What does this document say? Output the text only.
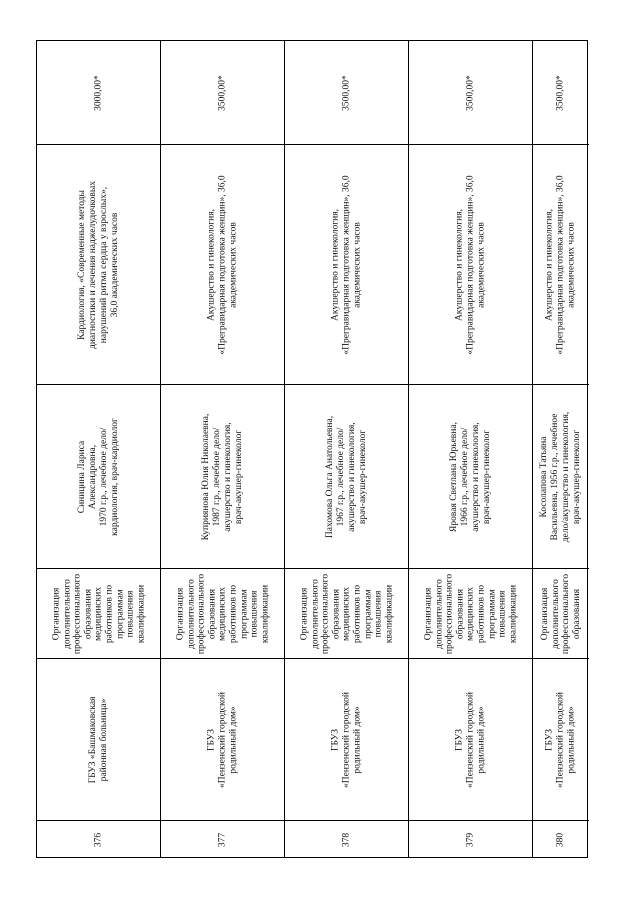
3000,00*
Кардиология, «Современные методы
диагностики и лечения наджелудочковых
нарушений ритма сердца у взрослых»,
36,0 академических часов
Синицина Лариса
Александровна,
1970 г.р., лечебное дело/
кардиология, врач-кардиолог
Организация
дополнительного
профессионального
образования
медицинских
работников по
программам
повышения
квалификации
ГБУЗ «Башмаковская
районная больница»
376
3500,00*
Акушерство и гинекология,
«Прегравидарная подготовка женщин», 36,0
академических часов
Куприянова Юлия Николаевна,
1987 г.р., лечебное дело/
акушерство и гинекология,
врач-акушер-гинеколог
Организация
дополнительного
профессионального
образования
медицинских
работников по
программам
повышения
квалификации
ГБУЗ
«Пензенский городской
родильный дом»
377
3500,00*
Акушерство и гинекология,
«Прегравидарная подготовка женщин», 36,0
академических часов
Пахомова Ольга Анатольевна,
1967 г.р., лечебное дело/
акушерство и гинекология,
врач-акушер-гинеколог
Организация
дополнительного
профессионального
образования
медицинских
работников по
программам
повышения
квалификации
ГБУЗ
«Пензенский городской
родильный дом»
378
3500,00*
Акушерство и гинекология,
«Прегравидарная подготовка женщин», 36,0
академических часов
Яровая Светлана Юрьевна,
1966 г.р., лечебное дело/
акушерство и гинекология,
врач-акушер-гинеколог
Организация
дополнительного
профессионального
образования
медицинских
работников по
программам
повышения
квалификации
ГБУЗ
«Пензенский городской
родильный дом»
379
3500,00*
Акушерство и гинекология,
«Прегравидарная подготовка женщин», 36,0
академических часов
Косолапова Татьяна
Васильевна, 1956 г.р., лечебное
дело/акушерство и гинекология,
врач-акушер-гинеколог
Организация
дополнительного
профессионального
образования
ГБУЗ
«Пензенский городской
родильный дом»
380
